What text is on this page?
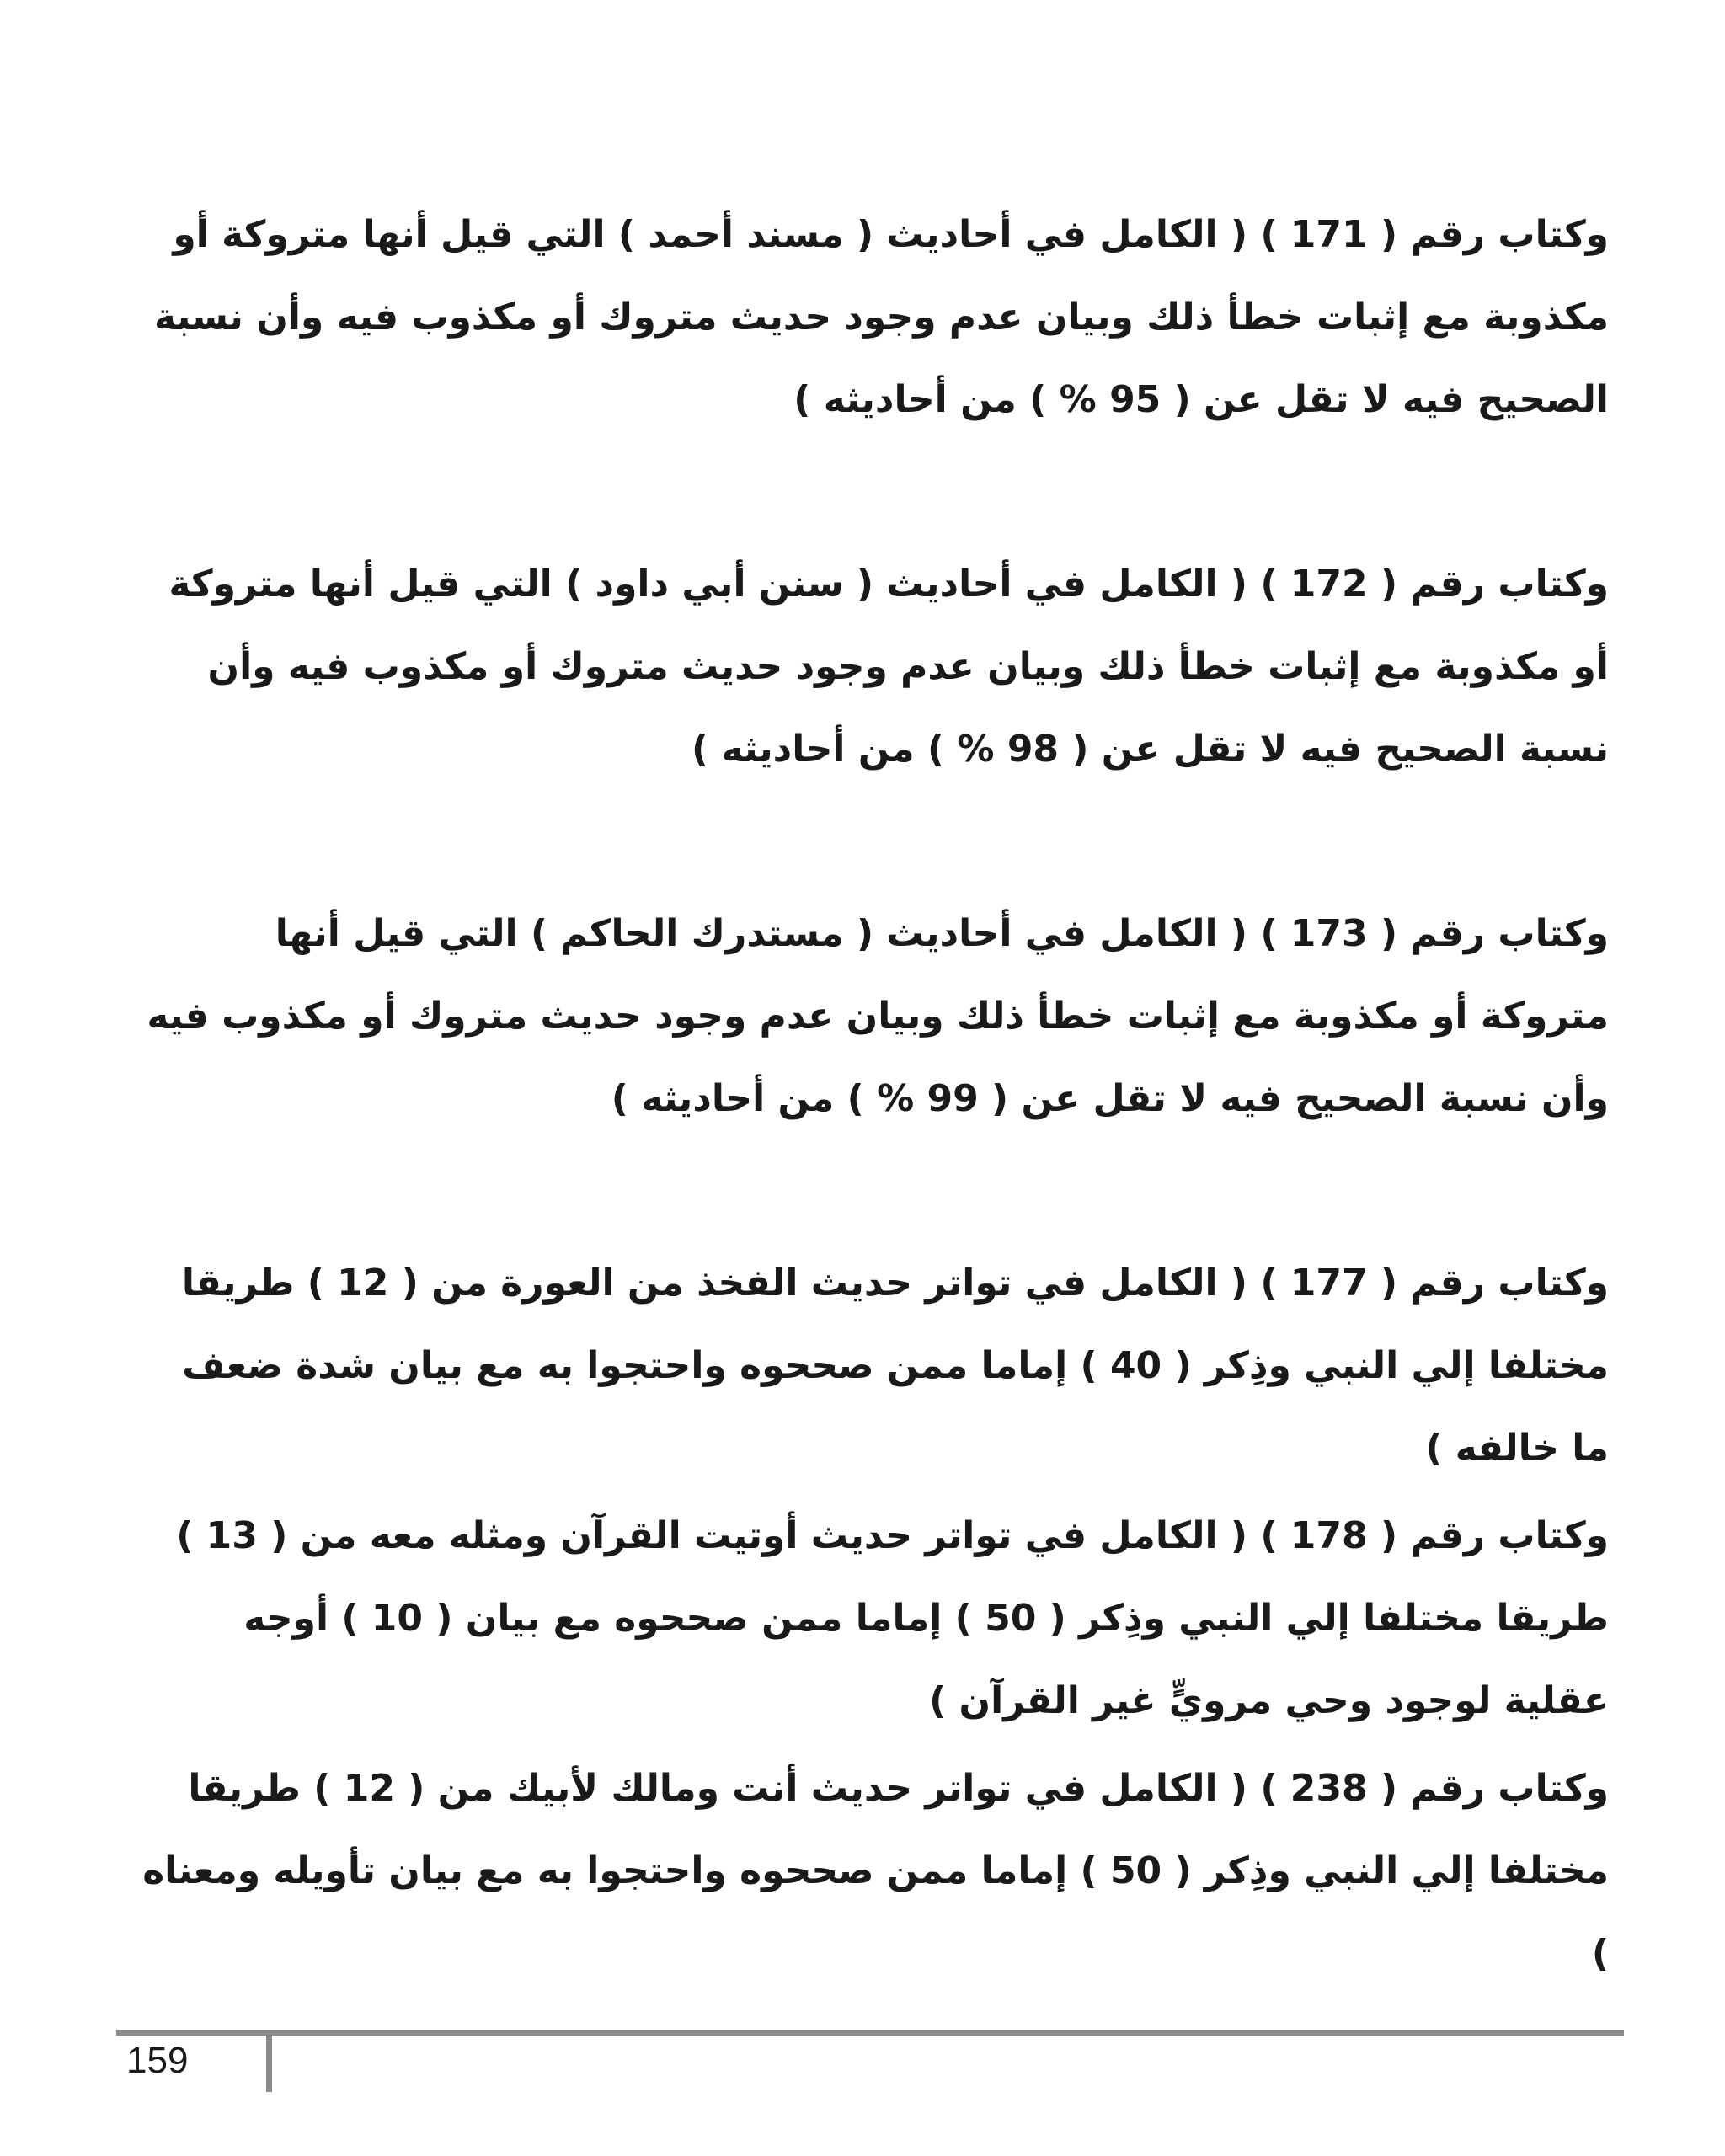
وكتاب رقم ( 171 ) ( الكامل في أحاديث ( مسند أحمد ) التي قيل أنها متروكة أو مكذوبة مع إثبات خطأ ذلك وبيان عدم وجود حديث متروك أو مكذوب فيه وأن نسبة الصحيح فيه لا تقل عن ( 95 % ) من أحاديثه )

وكتاب رقم ( 172 ) ( الكامل في أحاديث ( سنن أبي داود ) التي قيل أنها متروكة أو مكذوبة مع إثبات خطأ ذلك وبيان عدم وجود حديث متروك أو مكذوب فيه وأن نسبة الصحيح فيه لا تقل عن ( 98 % ) من أحاديثه )

وكتاب رقم ( 173 ) ( الكامل في أحاديث ( مستدرك الحاكم ) التي قيل أنها متروكة أو مكذوبة مع إثبات خطأ ذلك وبيان عدم وجود حديث متروك أو مكذوب فيه وأن نسبة الصحيح فيه لا تقل عن ( 99 % ) من أحاديثه )

وكتاب رقم ( 177 ) ( الكامل في تواتر حديث الفخذ من العورة من ( 12 ) طريقا مختلفا إلي النبي وذِكر ( 40 ) إماما ممن صححوه واحتجوا به مع بيان شدة ضعف ما خالفه )

وكتاب رقم ( 178 ) ( الكامل في تواتر حديث أوتيت القرآن ومثله معه من ( 13 ) طريقا مختلفا إلي النبي وذِكر ( 50 ) إماما ممن صححوه مع بيان ( 10 ) أوجه عقلية لوجود وحي مرويٍّ غير القرآن )

وكتاب رقم ( 238 ) ( الكامل في تواتر حديث أنت ومالك لأبيك من ( 12 ) طريقا مختلفا إلي النبي وذِكر ( 50 ) إماما ممن صححوه واحتجوا به مع بيان تأويله ومعناه )

159
